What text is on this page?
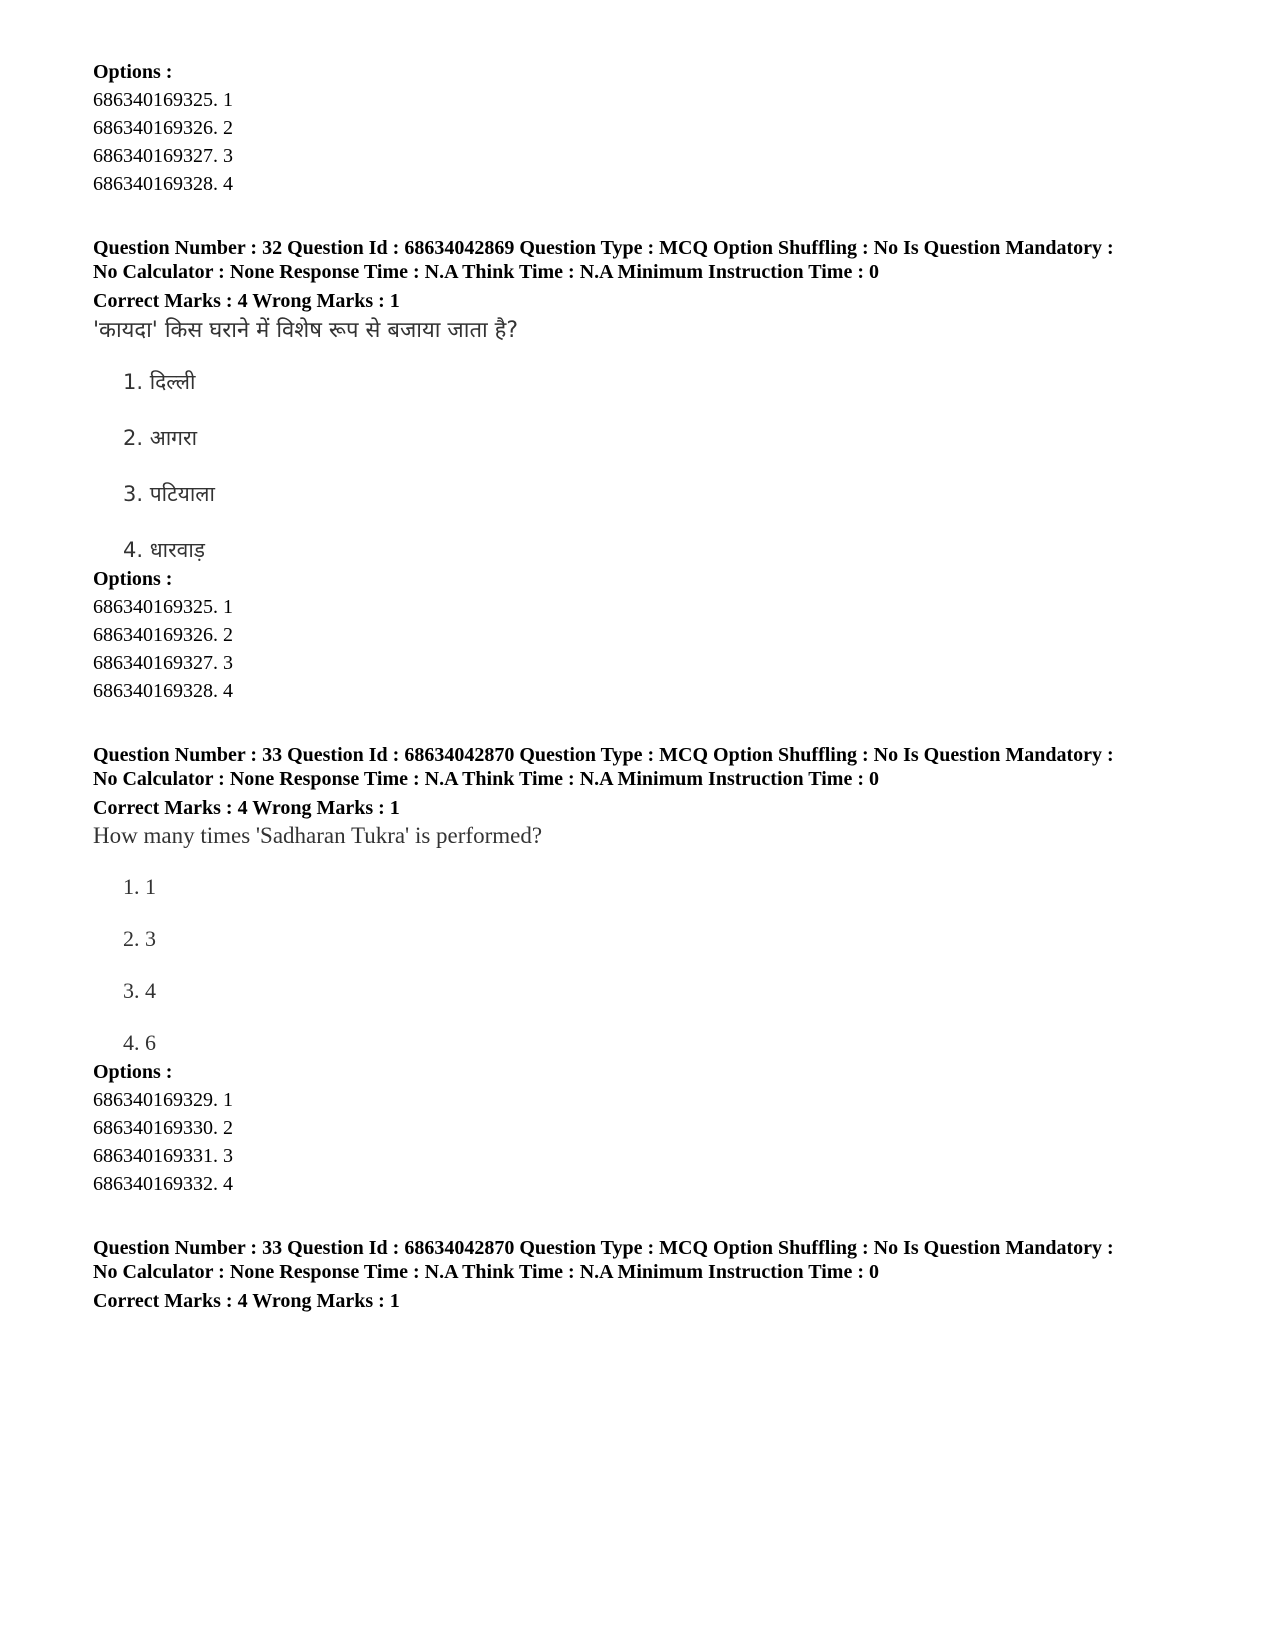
Options :

686340169325. 1

686340169326. 2

686340169327. 3

686340169328. 4

Question Number : 32 Question Id : 68634042869 Question Type : MCQ Option Shuffling : No Is Question Mandatory :

No Calculator : None Response Time : N.A Think Time : N.A Minimum Instruction Time : 0

Correct Marks : 4 Wrong Marks : 1

'कायदा' किस घराने में विशेष रूप से बजाया जाता है?

1. दिल्ली

2. आगरा

3. पटियाला

4. धारवाड़

Options :

686340169325. 1

686340169326. 2

686340169327. 3

686340169328. 4

Question Number : 33 Question Id : 68634042870 Question Type : MCQ Option Shuffling : No Is Question Mandatory :

No Calculator : None Response Time : N.A Think Time : N.A Minimum Instruction Time : 0

Correct Marks : 4 Wrong Marks : 1

How many times 'Sadharan Tukra' is performed?

1. 1

2. 3

3. 4

4. 6

Options :

686340169329. 1

686340169330. 2

686340169331. 3

686340169332. 4

Question Number : 33 Question Id : 68634042870 Question Type : MCQ Option Shuffling : No Is Question Mandatory :

No Calculator : None Response Time : N.A Think Time : N.A Minimum Instruction Time : 0

Correct Marks : 4 Wrong Marks : 1
